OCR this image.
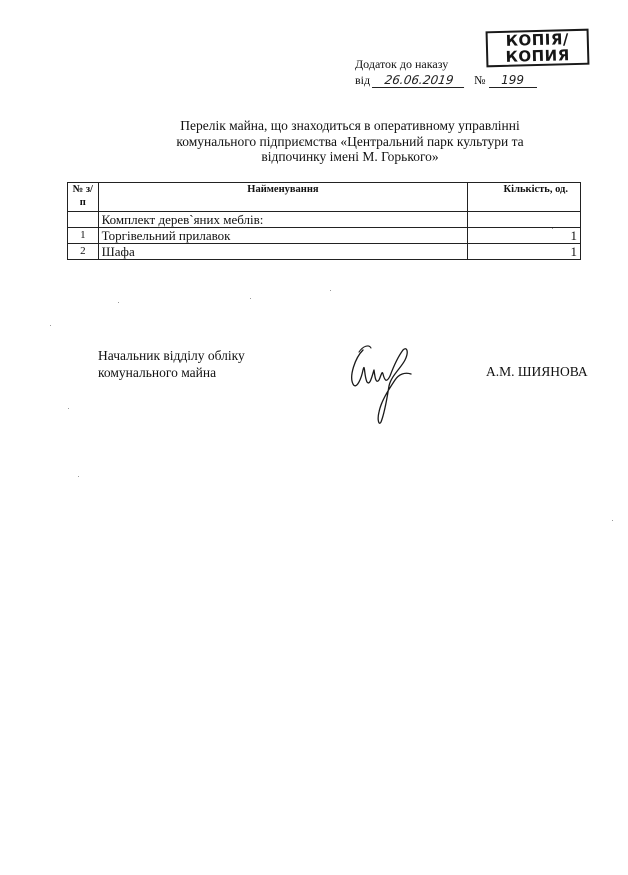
КОПІЯ/
КОПИЯ
Додаток до наказу
від 26.06.2019 № 199
Перелік майна, що знаходиться в оперативному управлінні
комунального підприємства «Центральний парк культури та
відпочинку імені М. Горького»
№ з/п	Найменування	Кількість, од.
	Комплект дерев`яних меблів:	
1	Торгівельний прилавок	1
2	Шафа	1
Начальник відділу обліку
комунального майна	А.М. ШИЯНОВА
